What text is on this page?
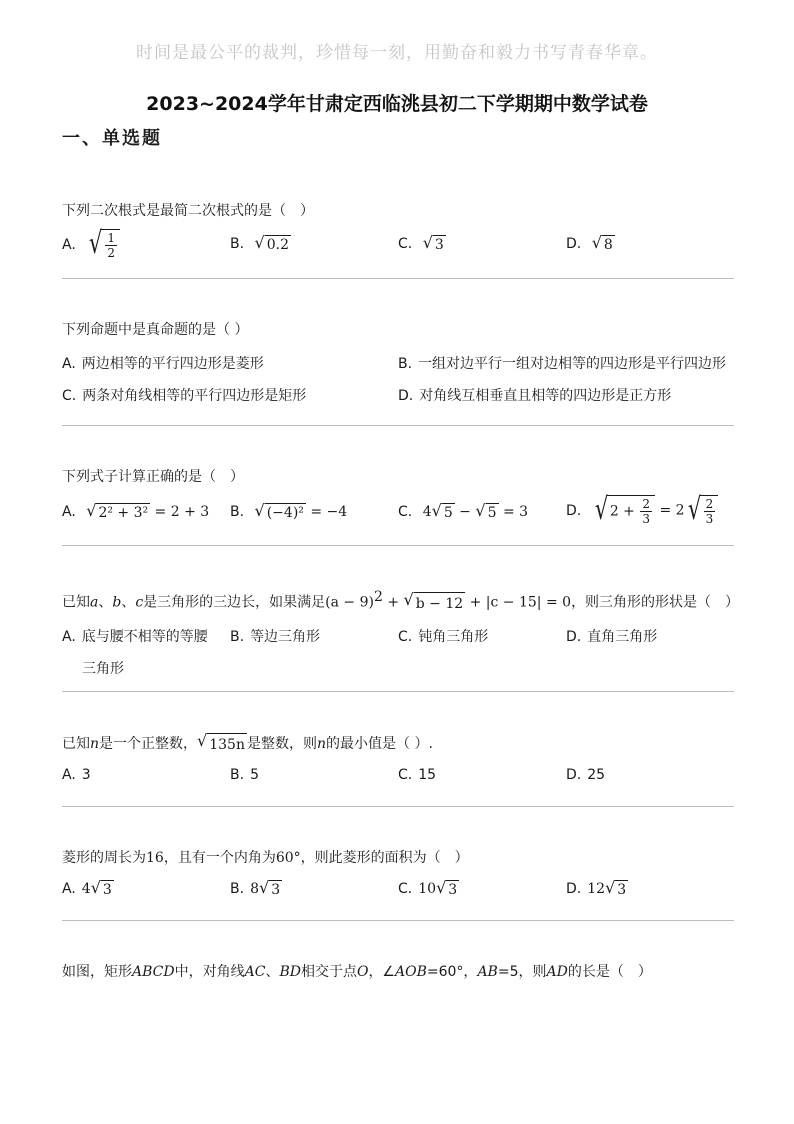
时间是最公平的裁判，珍惜每一刻，用勤奋和毅力书写青春华章。
2023~2024学年甘肃定西临洮县初二下学期期中数学试卷
一、单选题
下列二次根式是最简二次根式的是（　）
A. √ $\frac{1}{2}$	B. √ 0.2	C. √ 3	D. √ 8
下列命题中是真命题的是（ ）
A. 两边相等的平行四边形是菱形	B. 一组对边平行一组对边相等的四边形是平行四边形
C. 两条对角线相等的平行四边形是矩形	D. 对角线互相垂直且相等的四边形是正方形
下列式子计算正确的是（　）
A. √ 2² + 3² = 2 + 3 B. √ (−4)² = −4	C. 4 √ 5 − √ 5 = 3	D. √ $2 + \frac{2}{3} = 2$ √ $\frac{2}{3}$
已知a、b、c是三角形的三边长，如果满足$(a - 9)^2$ + √ b − 12 + |c − 15| = 0，则三角形的形状是（　）
A. 底与腰不相等的等腰 B. 等边三角形	C. 钝角三角形	D. 直角三角形
三角形
已知n是一个正整数， √ 135n 是整数，则n的最小值是（ ）.
A. 3	B. 5	C. 15	D. 25
菱形的周长为16，且有一个内角为60°，则此菱形的面积为（　）
A. 4 √ 3	B. 8 √ 3	C. 10 √ 3	D. 12 √ 3
如图，矩形ABCD中，对角线AC、BD相交于点O，∠AOB=60°，AB=5，则AD的长是（　）
